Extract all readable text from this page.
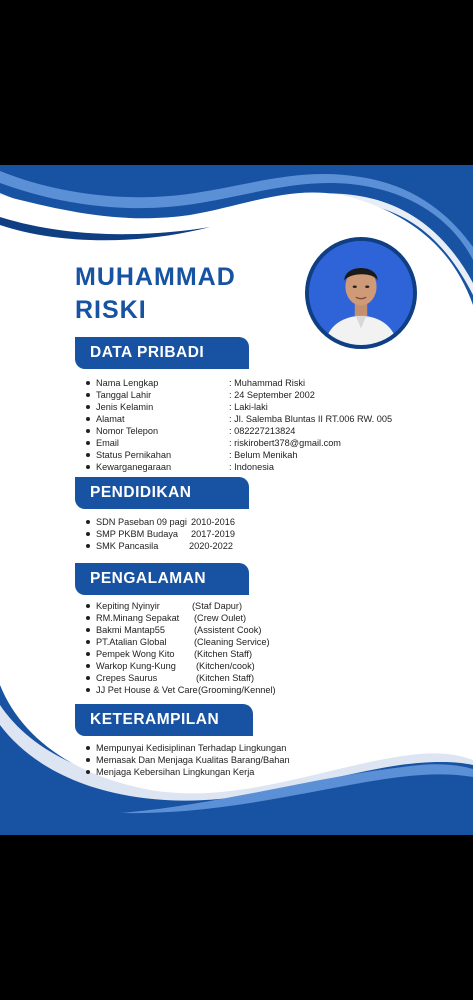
MUHAMMAD
RISKI
DATA PRIBADI
Nama Lengkap	: Muhammad Riski
Tanggal Lahir	: 24 September 2002
Jenis Kelamin	: Laki-laki
Alamat	: Jl. Salemba Bluntas II RT.006 RW. 005
Nomor Telepon	: 082227213824
Email	: riskirobert378@gmail.com
Status Pernikahan	: Belum Menikah
Kewarganegaraan	: Indonesia
PENDIDIKAN
SDN Paseban 09 pagi 2010-2016
SMP PKBM Budaya 2017-2019
SMK Pancasila	2020-2022
PENGALAMAN
Kepiting Nyinyir	(Staf Dapur)
RM.Minang Sepakat (Crew Oulet)
Bakmi Mantap55	(Assistent Cook)
PT.Atalian Global	(Cleaning Service)
Pempek Wong Kito (Kitchen Staff)
Warkop Kung-Kung (Kitchen/cook)
Crepes Saurus	(Kitchen Staff)
JJ Pet House & Vet Care (Grooming/Kennel)
KETERAMPILAN
Mempunyai Kedisiplinan Terhadap Lingkungan
Memasak Dan Menjaga Kualitas Barang/Bahan
Menjaga Kebersihan Lingkungan Kerja
